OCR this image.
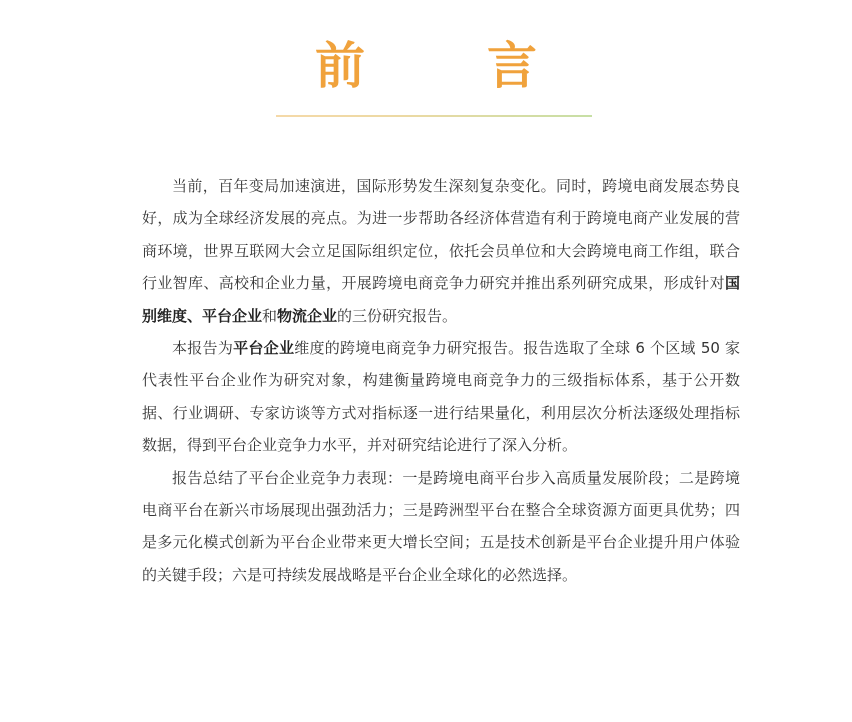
前　言

当前，百年变局加速演进，国际形势发生深刻复杂变化。同时，跨境电商发展态势良好，成为全球经济发展的亮点。为进一步帮助各经济体营造有利于跨境电商产业发展的营商环境，世界互联网大会立足国际组织定位，依托会员单位和大会跨境电商工作组，联合行业智库、高校和企业力量，开展跨境电商竞争力研究并推出系列研究成果，形成针对国别维度、平台企业和物流企业的三份研究报告。

本报告为平台企业维度的跨境电商竞争力研究报告。报告选取了全球 6 个区域 50 家代表性平台企业作为研究对象，构建衡量跨境电商竞争力的三级指标体系，基于公开数据、行业调研、专家访谈等方式对指标逐一进行结果量化，利用层次分析法逐级处理指标数据，得到平台企业竞争力水平，并对研究结论进行了深入分析。

报告总结了平台企业竞争力表现：一是跨境电商平台步入高质量发展阶段；二是跨境电商平台在新兴市场展现出强劲活力；三是跨洲型平台在整合全球资源方面更具优势；四是多元化模式创新为平台企业带来更大增长空间；五是技术创新是平台企业提升用户体验的关键手段；六是可持续发展战略是平台企业全球化的必然选择。
